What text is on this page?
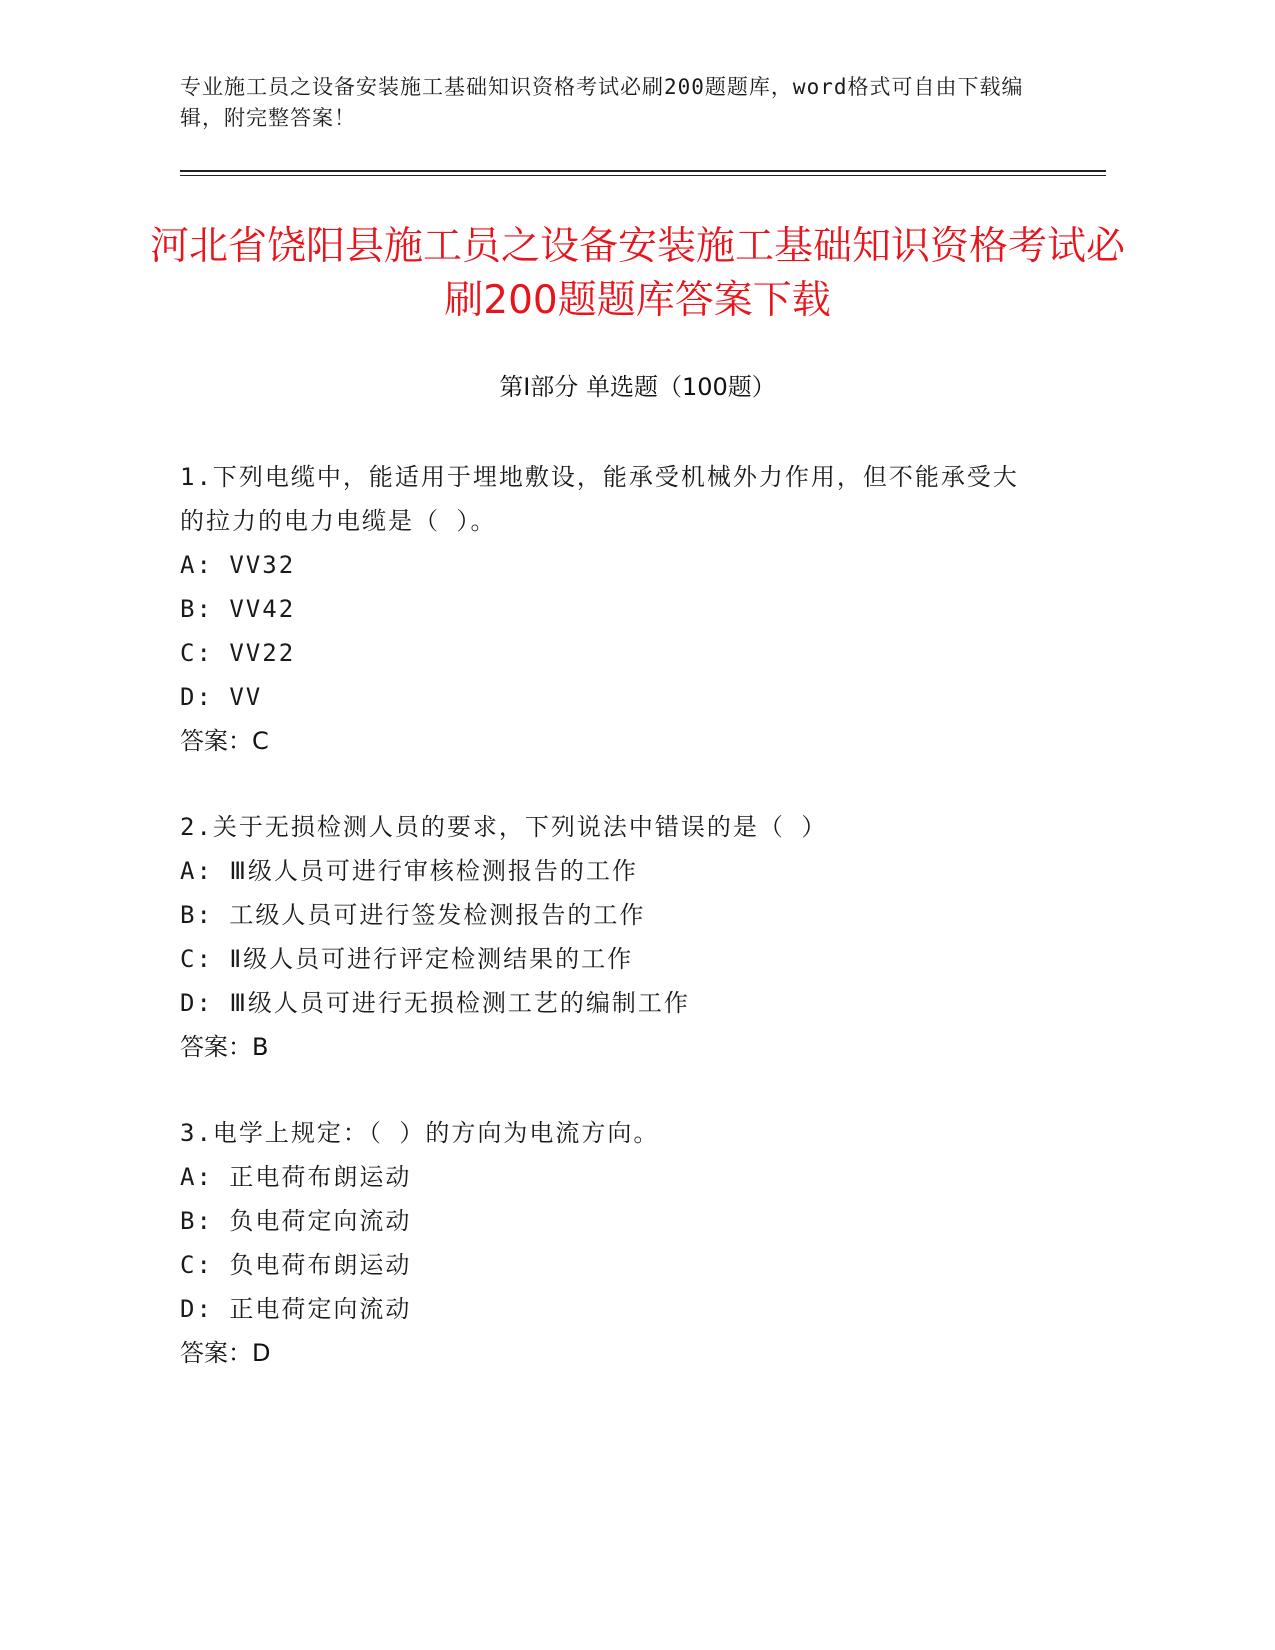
专业施工员之设备安装施工基础知识资格考试必刷200题题库，word格式可自由下载编辑，附完整答案！

河北省饶阳县施工员之设备安装施工基础知识资格考试必刷200题题库答案下载
第Ⅰ部分 单选题（100题）

1.下列电缆中，能适用于埋地敷设，能承受机械外力作用，但不能承受大的拉力的电力电缆是（ ）。

A: VV32

B: VV42

C: VV22

D: VV

答案：C

2.关于无损检测人员的要求，下列说法中错误的是（ ）

A: Ⅲ级人员可进行审核检测报告的工作

B: 工级人员可进行签发检测报告的工作

C: Ⅱ级人员可进行评定检测结果的工作

D: Ⅲ级人员可进行无损检测工艺的编制工作

答案：B

3.电学上规定：（ ）的方向为电流方向。

A: 正电荷布朗运动

B: 负电荷定向流动

C: 负电荷布朗运动

D: 正电荷定向流动

答案：D
